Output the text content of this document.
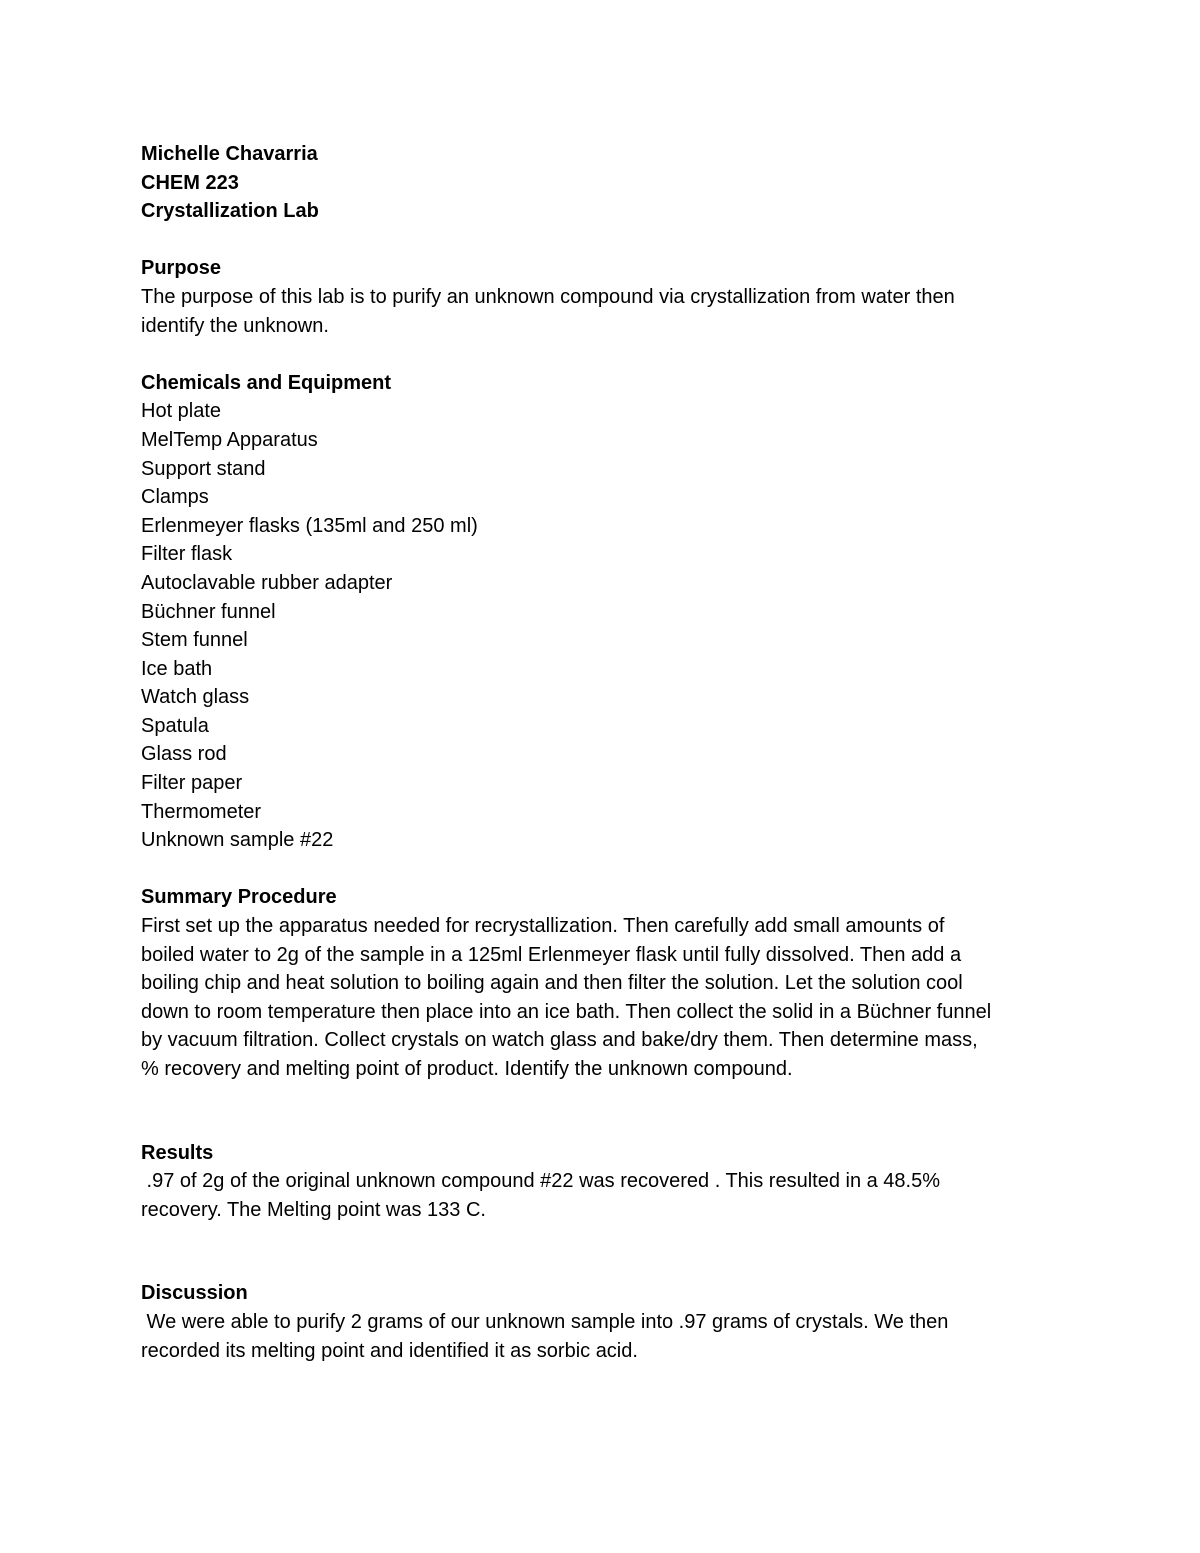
Michelle Chavarria
CHEM 223
Crystallization Lab
Purpose
The purpose of this lab is to purify an unknown compound via crystallization from water then
identify the unknown.
Chemicals and Equipment
Hot plate
MelTemp Apparatus
Support stand
Clamps
Erlenmeyer flasks (135ml and 250 ml)
Filter flask
Autoclavable rubber adapter
Büchner funnel
Stem funnel
Ice bath
Watch glass
Spatula
Glass rod
Filter paper
Thermometer
Unknown sample #22
Summary Procedure
First set up the apparatus needed for recrystallization. Then carefully add small amounts of
boiled water to 2g of the sample in a 125ml Erlenmeyer flask until fully dissolved. Then add a
boiling chip and heat solution to boiling again and then filter the solution. Let the solution cool
down to room temperature then place into an ice bath. Then collect the solid in a Büchner funnel
by vacuum filtration. Collect crystals on watch glass and bake/dry them. Then determine mass,
% recovery and melting point of product. Identify the unknown compound.
Results
.97 of 2g of the original unknown compound #22 was recovered . This resulted in a 48.5%
recovery. The Melting point was 133 C.
Discussion
We were able to purify 2 grams of our unknown sample into .97 grams of crystals. We then
recorded its melting point and identified it as sorbic acid.
